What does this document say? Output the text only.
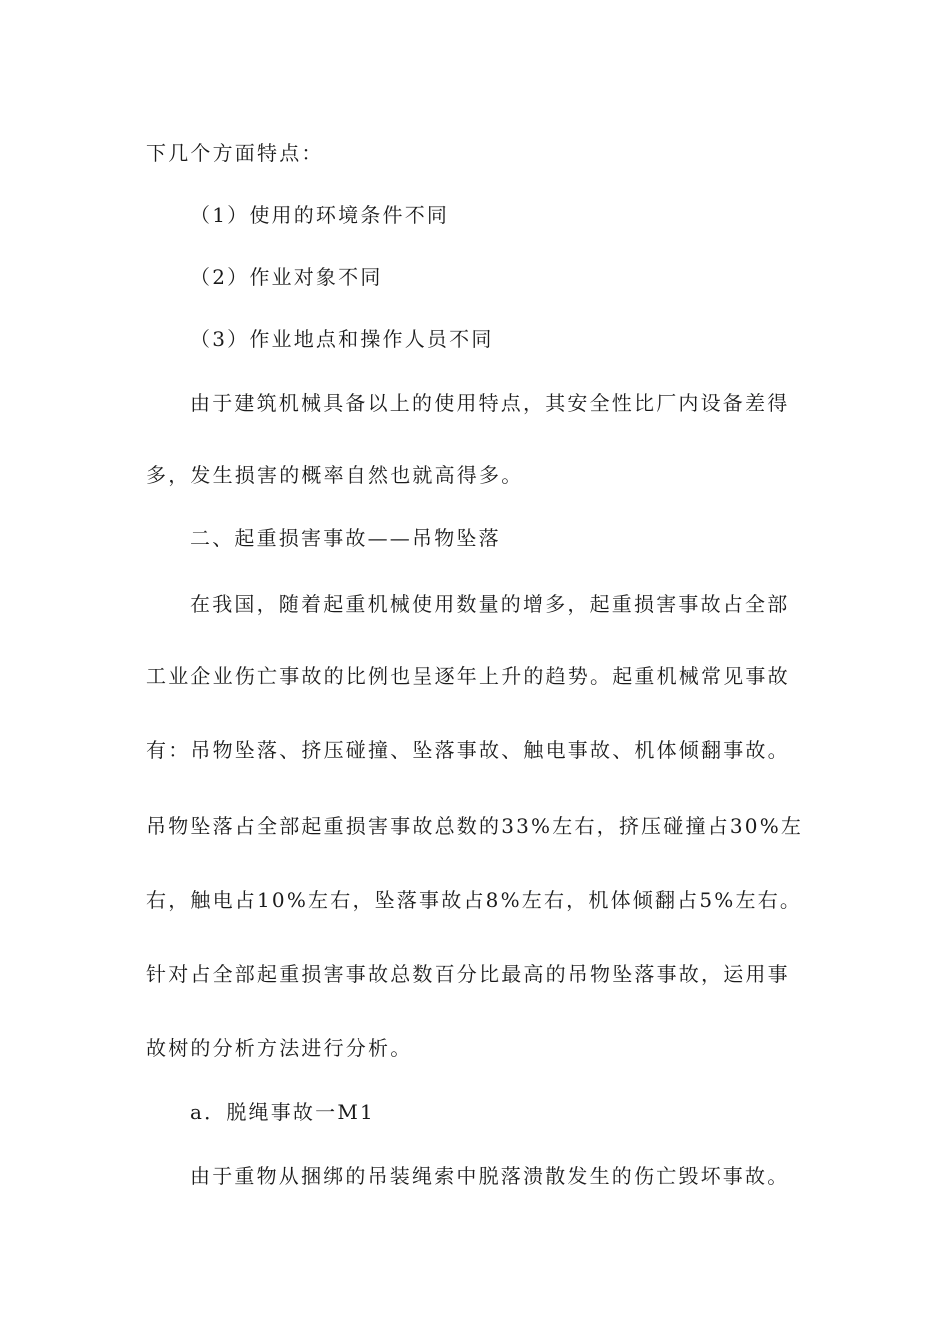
下几个方面特点：
（1）使用的环境条件不同
（2）作业对象不同
（3）作业地点和操作人员不同
由于建筑机械具备以上的使用特点，其安全性比厂内设备差得
多，发生损害的概率自然也就高得多。
二、起重损害事故——吊物坠落
在我国，随着起重机械使用数量的增多，起重损害事故占全部
工业企业伤亡事故的比例也呈逐年上升的趋势。起重机械常见事故
有：吊物坠落、挤压碰撞、坠落事故、触电事故、机体倾翻事故。
吊物坠落占全部起重损害事故总数的33%左右，挤压碰撞占30%左
右，触电占10%左右，坠落事故占8%左右，机体倾翻占5%左右。
针对占全部起重损害事故总数百分比最高的吊物坠落事故，运用事
故树的分析方法进行分析。
a．脱绳事故一M1
由于重物从捆绑的吊装绳索中脱落溃散发生的伤亡毁坏事故。
